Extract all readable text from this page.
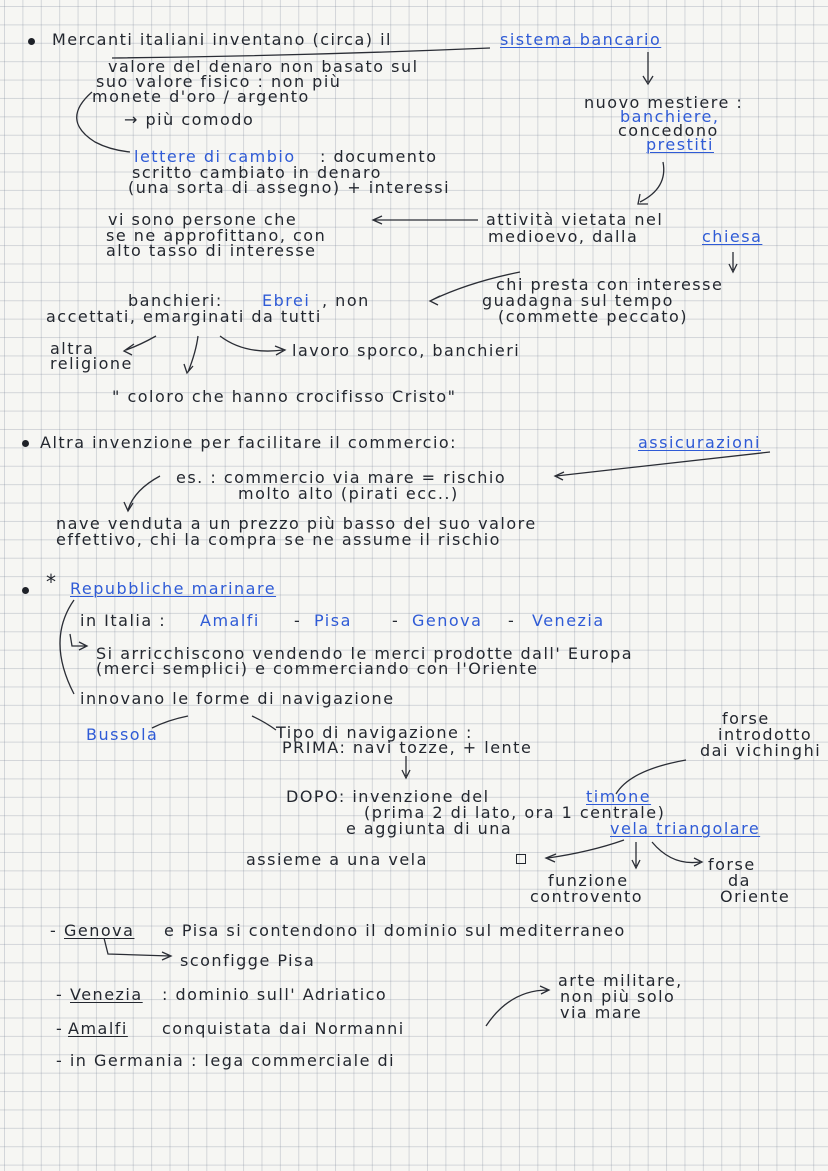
Mercanti italiani inventano (circa) il	sistema bancario
valore del denaro non basato sul
suo valore fisico : non più
monete d'oro / argento
→ più comodo
nuovo mestiere :
banchiere,
concedono
prestiti
lettere di cambio : documento
scritto cambiato in denaro
(una sorta di assegno) + interessi
vi sono persone che
se ne approfittano, con
alto tasso di interesse
attività vietata nel
medioevo, dalla	chiesa
chi presta con interesse
guadagna sul tempo
(commette peccato)
banchieri: Ebrei , non
accettati, emarginati da tutti
altra
religione
lavoro sporco, banchieri
" coloro che hanno crocifisso Cristo"
Altra invenzione per facilitare il commercio:	assicurazioni
es. : commercio via mare = rischio
molto alto (pirati ecc..)
nave venduta a un prezzo più basso del suo valore
effettivo, chi la compra se ne assume il rischio
* Repubbliche marinare
in Italia : Amalfi - Pisa	- Genova - Venezia
Si arricchiscono vendendo le merci prodotte dall' Europa
(merci semplici) e commerciando con l'Oriente
innovano le forme di navigazione
Bussola	Tipo di navigazione :
PRIMA: navi tozze, + lente
forse
introdotto
dai vichinghi
DOPO: invenzione del	timone
(prima 2 di lato, ora 1 centrale)
e aggiunta di una	vela triangolare
assieme a una vela
funzione
controvento
forse
da
Oriente
- Genova e Pisa si contendono il dominio sul mediterraneo
sconfigge Pisa
- Venezia : dominio sull' Adriatico
arte militare,
non più solo
via mare
- Amalfi conquistata dai Normanni
- in Germania : lega commerciale di
